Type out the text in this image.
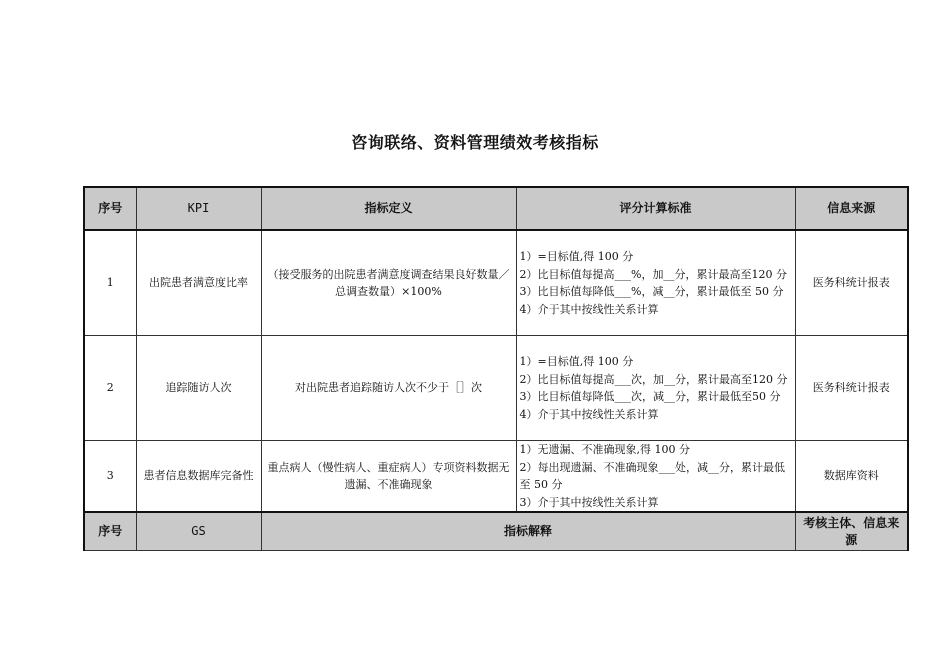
咨询联络、资料管理绩效考核指标
序号	KPI	指标定义	评分计算标准	信息来源
1	出院患者满意度比率	（接受服务的出院患者满意度调查结果良好数量／总调查数量）×100%	1）=目标值,得 100 分
2）比目标值每提高___%，加__分，累计最高至120 分
3）比目标值每降低___%，减__分，累计最低至 50 分
4）介于其中按线性关系计算	医务科统计报表
2	追踪随访人次	对出院患者追踪随访人次不少于［］次	1）=目标值,得 100 分
2）比目标值每提高___次，加__分，累计最高至120 分
3）比目标值每降低___次，减__分，累计最低至50 分
4）介于其中按线性关系计算	医务科统计报表
3	患者信息数据库完备性	重点病人（慢性病人、重症病人）专项资料数据无遗漏、不准确现象	1）无遗漏、不准确现象,得 100 分
2）每出现遗漏、不准确现象___处，减__分，累计最低至 50 分
3）介于其中按线性关系计算	数据库资料
序号	GS	指标解释		考核主体、信息来源
